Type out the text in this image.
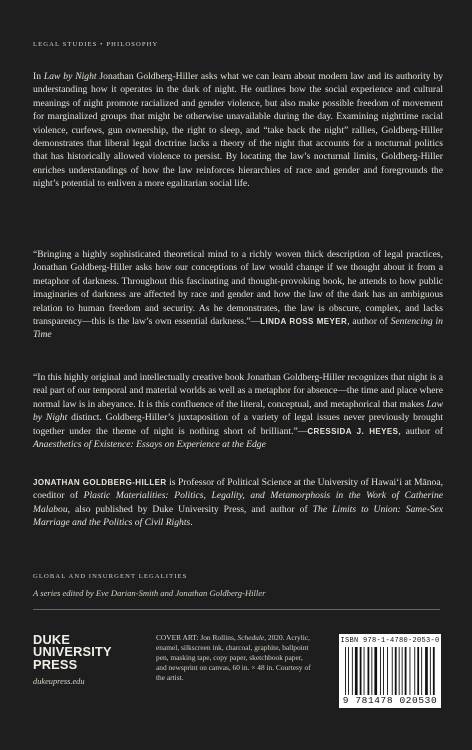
LEGAL STUDIES • PHILOSOPHY

In Law by Night Jonathan Goldberg-Hiller asks what we can learn about modern law and its authority by understanding how it operates in the dark of night. He outlines how the social experience and cultural meanings of night promote racialized and gender violence, but also make possible freedom of movement for marginalized groups that might be otherwise unavailable during the day. Examining nighttime racial violence, curfews, gun ownership, the right to sleep, and “take back the night” rallies, Goldberg-Hiller demonstrates that liberal legal doctrine lacks a theory of the night that accounts for a nocturnal politics that has historically allowed violence to persist. By locating the law’s nocturnal limits, Goldberg-Hiller enriches understandings of how the law reinforces hierarchies of race and gender and foregrounds the night’s potential to enliven a more egalitarian social life.

“Bringing a highly sophisticated theoretical mind to a richly woven thick description of legal practices, Jonathan Goldberg-Hiller asks how our conceptions of law would change if we thought about it from a metaphor of darkness. Throughout this fascinating and thought-provoking book, he attends to how public imaginaries of darkness are affected by race and gender and how the law of the dark has an ambiguous relation to human freedom and security. As he demonstrates, the law is obscure, complex, and lacks transparency—this is the law’s own essential darkness.”—LINDA ROSS MEYER, author of Sentencing in Time

“In this highly original and intellectually creative book Jonathan Goldberg-Hiller recognizes that night is a real part of our temporal and material worlds as well as a metaphor for absence—the time and place where normal law is in abeyance. It is this confluence of the literal, conceptual, and metaphorical that makes Law by Night distinct. Goldberg-Hiller’s juxtaposition of a variety of legal issues never previously brought together under the theme of night is nothing short of brilliant.”—CRESSIDA J. HEYES, author of Anaesthetics of Existence: Essays on Experience at the Edge

JONATHAN GOLDBERG-HILLER is Professor of Political Science at the University of Hawai‘i at Mānoa, coeditor of Plastic Materialities: Politics, Legality, and Metamorphosis in the Work of Catherine Malabou, also published by Duke University Press, and author of The Limits to Union: Same-Sex Marriage and the Politics of Civil Rights.

GLOBAL AND INSURGENT LEGALITIES
A series edited by Eve Darian-Smith and Jonathan Goldberg-Hiller
DUKE
UNIVERSITY
PRESS
dukeupress.edu
COVER ART: Jon Rollins, Schedule, 2020. Acrylic, enamel, silkscreen ink, charcoal, graphite, ballpoint pen, masking tape, copy paper, sketchbook paper, and newsprint on canvas, 60 in. × 48 in. Courtesy of the artist.
ISBN 978-1-4780-2053-0
9 781478 020530
